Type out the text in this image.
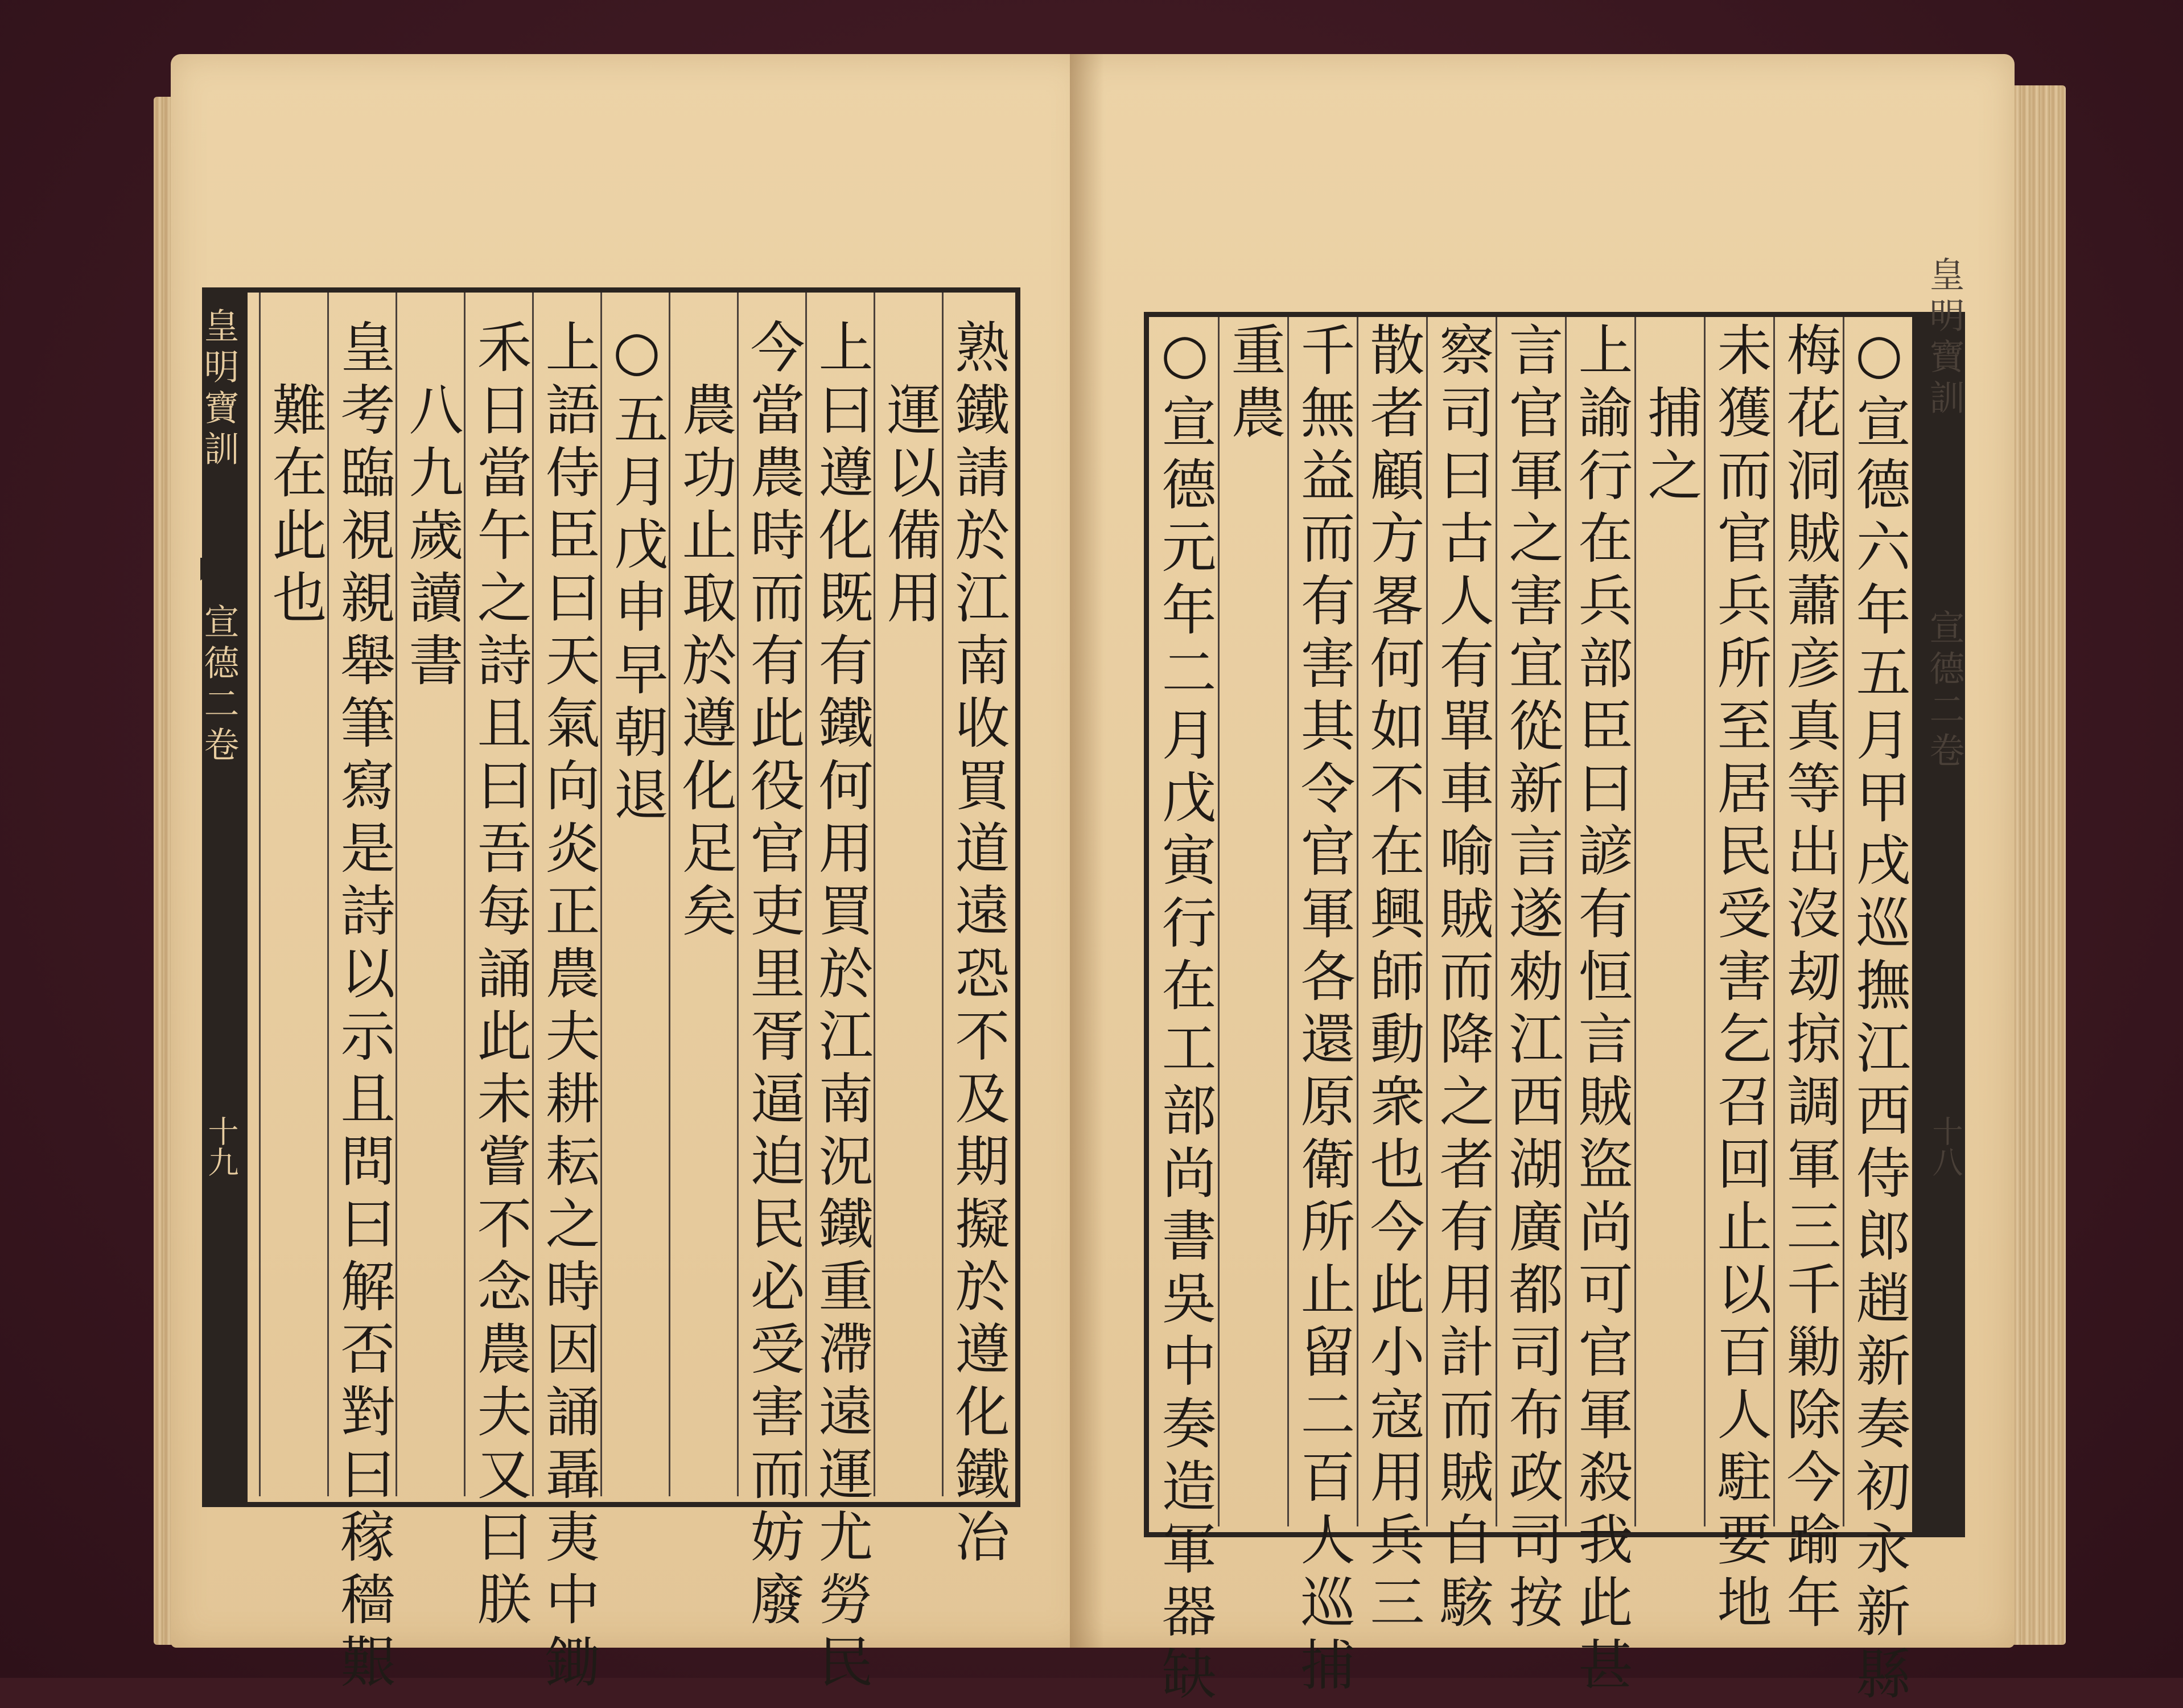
皇明寶訓
宣德二卷
十九	熟鐵請於江南收買道遠恐不及期擬於遵化鐵冶
運以備用
上曰遵化既有鐵何用買於江南況鐵重滯遠運尤勞民
今當農時而有此役官吏里胥逼迫民必受害而妨廢
農功止取於遵化足矣
○五月戊申早朝退
上語侍臣曰天氣向炎正農夫耕耘之時因誦聶夷中鋤
禾日當午之詩且曰吾每誦此未嘗不念農夫又曰朕
八九歲讀書
皇考臨視親舉筆寫是詩以示且問曰解否對曰稼穡艱
難在此也
皇明寶訓
宣德二卷
十八
○宣德六年五月甲戌巡撫江西侍郎趙新奏初永新縣
梅花洞賊蕭彦真等出沒刼掠調軍三千勦除今踰年
未獲而官兵所至居民受害乞召回止以百人駐要地
捕之
上諭行在兵部臣曰諺有恒言賊盜尚可官軍殺我此甚
言官軍之害宜從新言遂勑江西湖廣都司布政司按
察司曰古人有單車喻賊而降之者有用計而賊自駭
散者顧方畧何如不在興師動衆也今此小寇用兵三
千無益而有害其令官軍各還原衛所止留二百人巡捕
重農
○宣德元年二月戊寅行在工部尚書吳中奏造軍器缺
